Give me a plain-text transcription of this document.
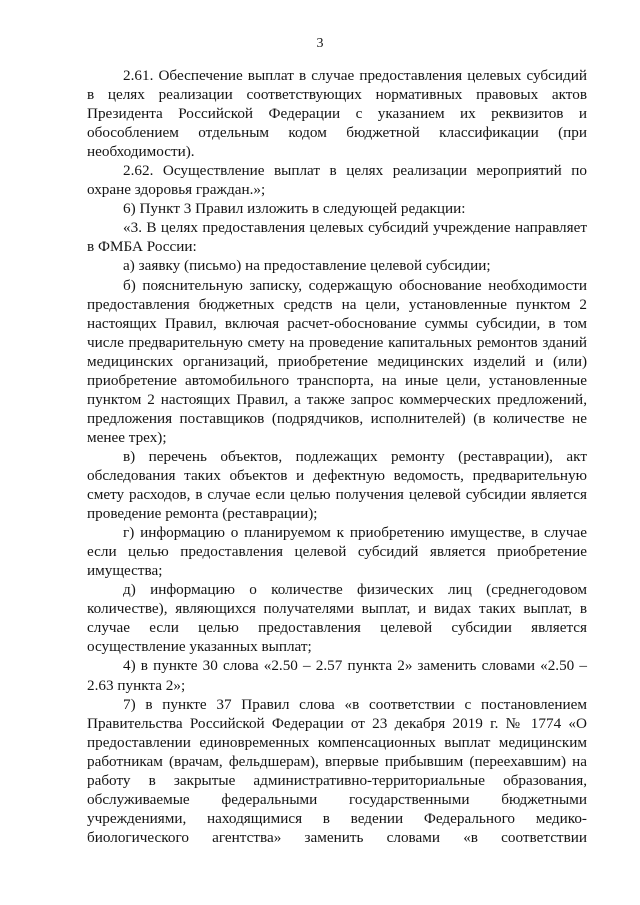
3

2.61. Обеспечение выплат в случае предоставления целевых субсидий в целях реализации соответствующих нормативных правовых актов Президента Российской Федерации с указанием их реквизитов и обособлением отдельным кодом бюджетной классификации (при необходимости).

2.62. Осуществление выплат в целях реализации мероприятий по охране здоровья граждан.»;

6) Пункт 3 Правил изложить в следующей редакции:

«3. В целях предоставления целевых субсидий учреждение направляет в ФМБА России:

а) заявку (письмо) на предоставление целевой субсидии;

б) пояснительную записку, содержащую обоснование необходимости предоставления бюджетных средств на цели, установленные пунктом 2 настоящих Правил, включая расчет-обоснование суммы субсидии, в том числе предварительную смету на проведение капитальных ремонтов зданий медицинских организаций, приобретение медицинских изделий и (или) приобретение автомобильного транспорта, на иные цели, установленные пунктом 2 настоящих Правил, а также запрос коммерческих предложений, предложения поставщиков (подрядчиков, исполнителей) (в количестве не менее трех);

в) перечень объектов, подлежащих ремонту (реставрации), акт обследования таких объектов и дефектную ведомость, предварительную смету расходов, в случае если целью получения целевой субсидии является проведение ремонта (реставрации);

г) информацию о планируемом к приобретению имуществе, в случае если целью предоставления целевой субсидий является приобретение имущества;

д) информацию о количестве физических лиц (среднегодовом количестве), являющихся получателями выплат, и видах таких выплат, в случае если целью предоставления целевой субсидии является осуществление указанных выплат;

4) в пункте 30 слова «2.50 – 2.57 пункта 2» заменить словами «2.50 – 2.63 пункта 2»;

7) в пункте 37 Правил слова «в соответствии с постановлением Правительства Российской Федерации от 23 декабря 2019 г. № 1774 «О предоставлении единовременных компенсационных выплат медицинским работникам (врачам, фельдшерам), впервые прибывшим (переехавшим) на работу в закрытые административно-территориальные образования, обслуживаемые федеральными государственными бюджетными учреждениями, находящимися в ведении Федерального медико-биологического агентства» заменить словами «в соответствии
